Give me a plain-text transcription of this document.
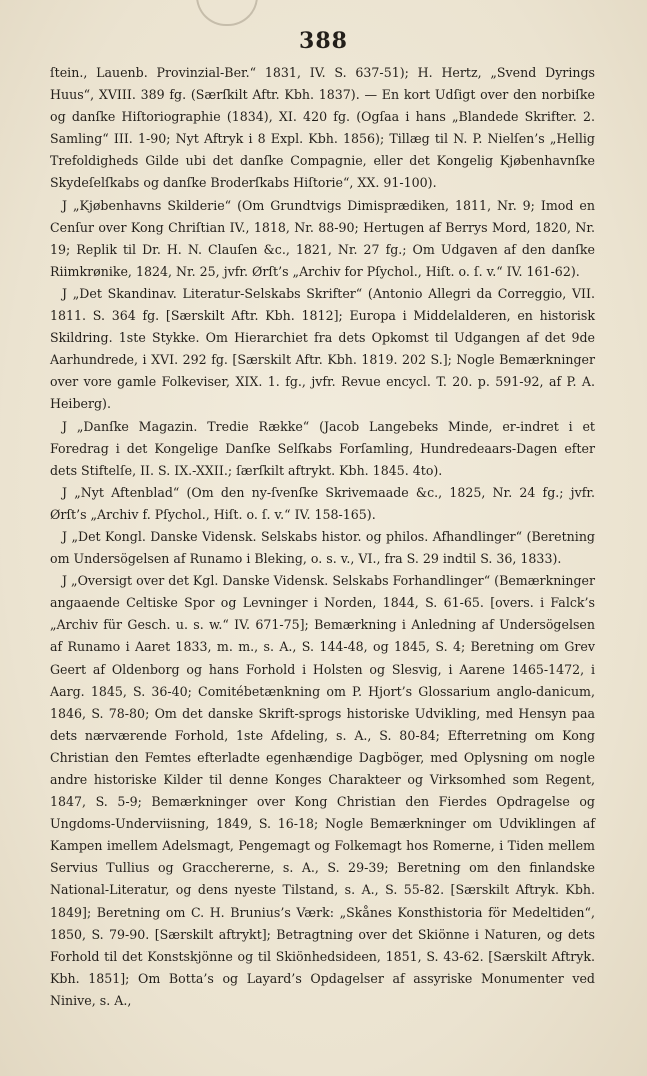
388

ſtein., Lauenb. Provinzial-Ber.“ 1831, IV. S. 637-51); H. Hertz, „Svend Dyrings Huus“, XVIII. 389 fg. (Særſkilt Aftr. Kbh. 1837). — En kort Udſigt over den norbiſke og danſke Hiſtoriographie (1834), XI. 420 fg. (Ogſaa i hans „Blandede Skrifter. 2. Samling“ III. 1-90; Nyt Aftryk i 8 Expl. Kbh. 1856); Tillæg til N. P. Nielſen’s „Hellig Trefoldigheds Gilde ubi det danſke Compagnie, eller det Kongelig Kjøbenhavnſke Skydeſelſkabs og danſke Broderſkabs Hiſtorie“, XX. 91-100).

J „Kjøbenhavns Skilderie“ (Om Grundtvigs Dimisprædiken, 1811, Nr. 9; Imod en Cenſur over Kong Chriſtian IV., 1818, Nr. 88-90; Hertugen af Berrys Mord, 1820, Nr. 19; Replik til Dr. H. N. Clauſen &c., 1821, Nr. 27 fg.; Om Udgaven af den danſke Riimkrønike, 1824, Nr. 25, jvfr. Ørſt’s „Archiv for Pſychol., Hiſt. o. ſ. v.“ IV. 161-62).

J „Det Skandinav. Literatur-Selskabs Skrifter“ (Antonio Allegri da Correggio, VII. 1811. S. 364 fg. [Særskilt Aftr. Kbh. 1812]; Europa i Middelalderen, en historisk Skildring. 1ste Stykke. Om Hierarchiet fra dets Opkomst til Udgangen af det 9de Aarhundrede, i XVI. 292 fg. [Særskilt Aftr. Kbh. 1819. 202 S.]; Nogle Bemærkninger over vore gamle Folkeviser, XIX. 1. fg., jvfr. Revue encycl. T. 20. p. 591-92, af P. A. Heiberg).

J „Danſke Magazin. Tredie Række“ (Jacob Langebeks Minde, er-indret i et Foredrag i det Kongelige Danſke Selſkabs Forſamling, Hundredeaars-Dagen efter dets Stiftelſe, II. S. IX.-XXII.; ſærſkilt aftrykt. Kbh. 1845. 4to).

J „Nyt Aftenblad“ (Om den ny-ſvenſke Skrivemaade &c., 1825, Nr. 24 fg.; jvfr. Ørſt’s „Archiv f. Pſychol., Hiſt. o. ſ. v.“ IV. 158-165).

J „Det Kongl. Danske Vidensk. Selskabs histor. og philos. Afhandlinger“ (Beretning om Undersögelsen af Runamo i Bleking, o. s. v., VI., fra S. 29 indtil S. 36, 1833).

J „Oversigt over det Kgl. Danske Vidensk. Selskabs Forhandlinger“ (Bemærkninger angaaende Celtiske Spor og Levninger i Norden, 1844, S. 61-65. [overs. i Falck’s „Archiv für Gesch. u. s. w.“ IV. 671-75]; Bemærkning i Anledning af Undersögelsen af Runamo i Aaret 1833, m. m., s. A., S. 144-48, og 1845, S. 4; Beretning om Grev Geert af Oldenborg og hans Forhold i Holsten og Slesvig, i Aarene 1465-1472, i Aarg. 1845, S. 36-40; Comitébetænkning om P. Hjort’s Glossarium anglo-danicum, 1846, S. 78-80; Om det danske Skrift-sprogs historiske Udvikling, med Hensyn paa dets nærværende Forhold, 1ste Afdeling, s. A., S. 80-84; Efterretning om Kong Christian den Femtes efterladte egenhændige Dagböger, med Oplysning om nogle andre historiske Kilder til denne Konges Charakteer og Virksomhed som Regent, 1847, S. 5-9; Bemærkninger over Kong Christian den Fierdes Opdragelse og Ungdoms-Underviisning, 1849, S. 16-18; Nogle Bemærkninger om Udviklingen af Kampen imellem Adelsmagt, Pengemagt og Folkemagt hos Romerne, i Tiden mellem Servius Tullius og Gracchererne, s. A., S. 29-39; Beretning om den finlandske National-Literatur, og dens nyeste Tilstand, s. A., S. 55-82. [Særskilt Aftryk. Kbh. 1849]; Beretning om C. H. Brunius’s Værk: „Skånes Konsthistoria för Medeltiden“, 1850, S. 79-90. [Særskilt aftrykt]; Betragtning over det Skiönne i Naturen, og dets Forhold til det Konstskjönne og til Skiönhedsideen, 1851, S. 43-62. [Særskilt Aftryk. Kbh. 1851]; Om Botta’s og Layard’s Opdagelser af assyriske Monumenter ved Ninive, s. A.,
